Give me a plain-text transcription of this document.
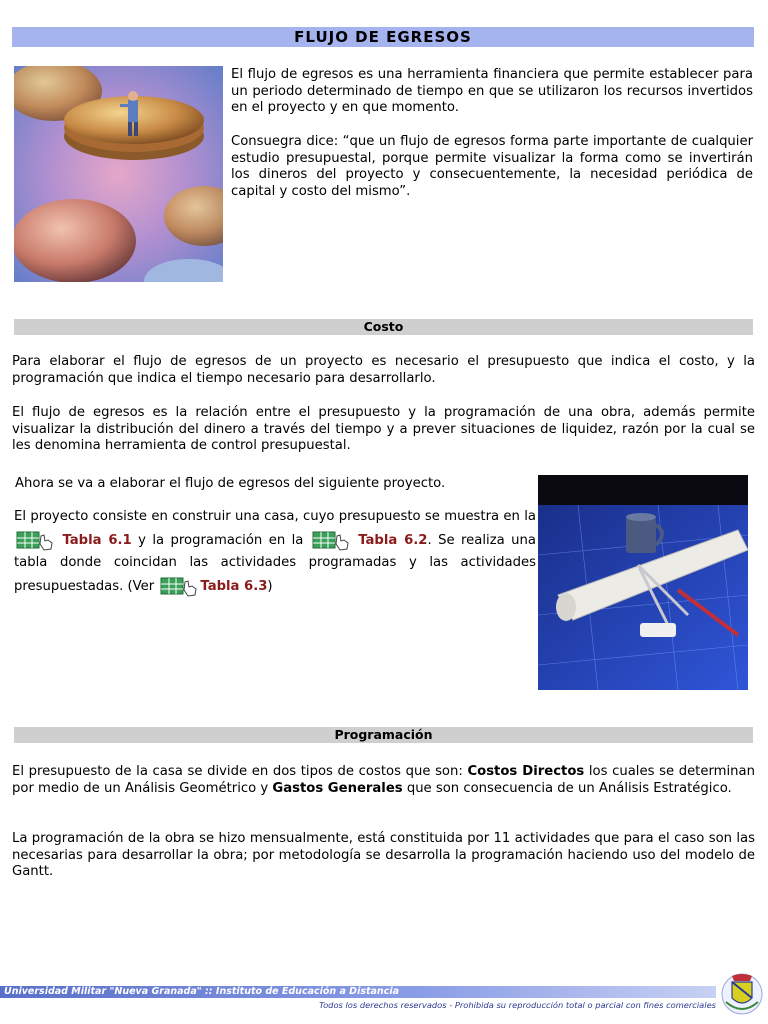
FLUJO DE EGRESOS

El flujo de egresos es una herramienta financiera que permite establecer para un periodo determinado de tiempo en que se utilizaron los recursos invertidos en el proyecto y en que momento.

Consuegra dice: “que un flujo de egresos forma parte importante de cualquier estudio presupuestal, porque permite visualizar la forma como se invertirán los dineros del proyecto y consecuentemente, la necesidad periódica de capital y costo del mismo”.

Costo

Para elaborar el flujo de egresos de un proyecto es necesario el presupuesto que indica el costo, y la programación que indica el tiempo necesario para desarrollarlo.

El flujo de egresos es la relación entre el presupuesto y la programación de una obra, además permite visualizar la distribución del dinero a través del tiempo y a prever situaciones de liquidez, razón por la cual se les denomina herramienta de control presupuestal.

Ahora se va a elaborar el flujo de egresos del siguiente proyecto.

El proyecto consiste en construir una casa, cuyo presupuesto se muestra en la  Tabla 6.1 y la programación en la	Tabla 6.2. Se realiza una tabla donde coincidan las actividades programadas y las actividades presupuestadas. (Ver	Tabla 6.3)

Programación

El presupuesto de la casa se divide en dos tipos de costos que son: Costos Directos los cuales se determinan por medio de un Análisis Geométrico y Gastos Generales que son consecuencia de un Análisis Estratégico.

La programación de la obra se hizo mensualmente, está constituida por 11 actividades que para el caso son las necesarias para desarrollar la obra; por metodología se desarrolla la programación haciendo uso del modelo de Gantt.

Universidad Militar "Nueva Granada" :: Instituto de Educación a Distancia
Todos los derechos reservados - Prohibida su reproducción total o parcial con fines comerciales
